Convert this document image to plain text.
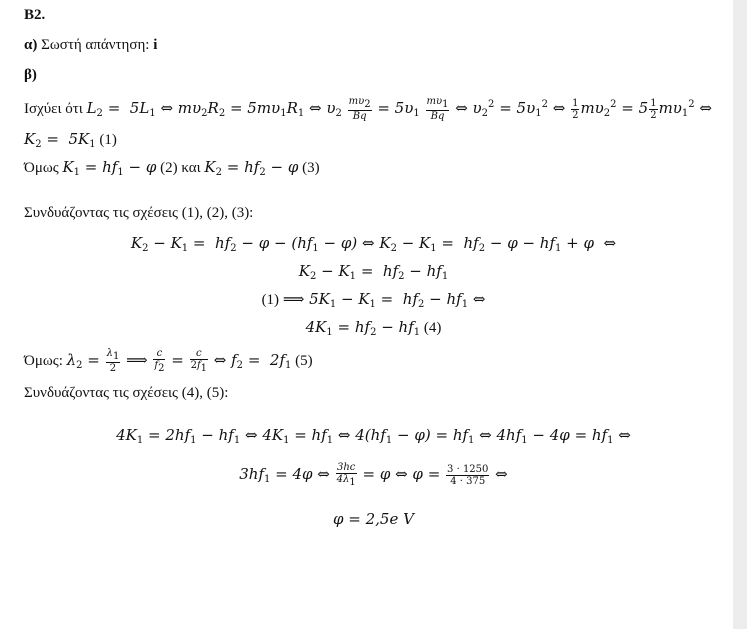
B2.
α) Σωστή απάντηση: i
β)
Ισχύει ότι $L_2 = 5L_1$ ⇔ $m\upsilon_2R_2 = 5m\upsilon_1R_1$ ⇔ $\upsilon_2 \frac{m\upsilon 2}{Bq} = 5\upsilon_1 \frac{m\upsilon 1}{Bq}$ ⇔ $\upsilon_2^2 = 5\upsilon_1^2$ ⇔ $\frac{1}{2} m\upsilon_2^2 = 5 \frac{1}{2} m\upsilon_1^2$ ⇔
$K_2 = 5K_1$ (1)
Όμως $K_1 = hf_1 - \varphi$ (2) και $K_2 = hf_2 - \varphi$ (3)
Συνδυάζοντας τις σχέσεις (1), (2), (3):
$K_2 - K_1 = hf_2 - \varphi - (hf_1 - \varphi)$ ⇔ $K_2 - K_1 = hf_2 - \varphi - hf_1 + \varphi$  ⇔
$K_2 - K_1 = hf_2 - hf_1$
(1) ⟹ $5K_1 - K_1 = hf_2 - hf_1$ ⇔
$4K_1 = hf_2 - hf_1$ (4)
Όμως: $\lambda_2 = \frac{\lambda 1}{2}$ ⟹ $\frac{c}{f2} = \frac{c}{2f1}$ ⇔ $f_2 = 2f_1$ (5)
Συνδυάζοντας τις σχέσεις (4), (5):
$4K_1 = 2hf_1 - hf_1$ ⇔ $4K_1 = hf_1$ ⇔ $4(hf_1 - \varphi) = hf_1$ ⇔ $4hf_1 - 4\varphi = hf_1$ ⇔
$3hf_1 = 4\varphi$ ⇔ $\frac{3hc}{4\lambda 1} = \varphi$ ⇔ $\varphi = \frac{3 \cdot 1250}{4 \cdot 375}$ ⇔
φ = 2,5e V
